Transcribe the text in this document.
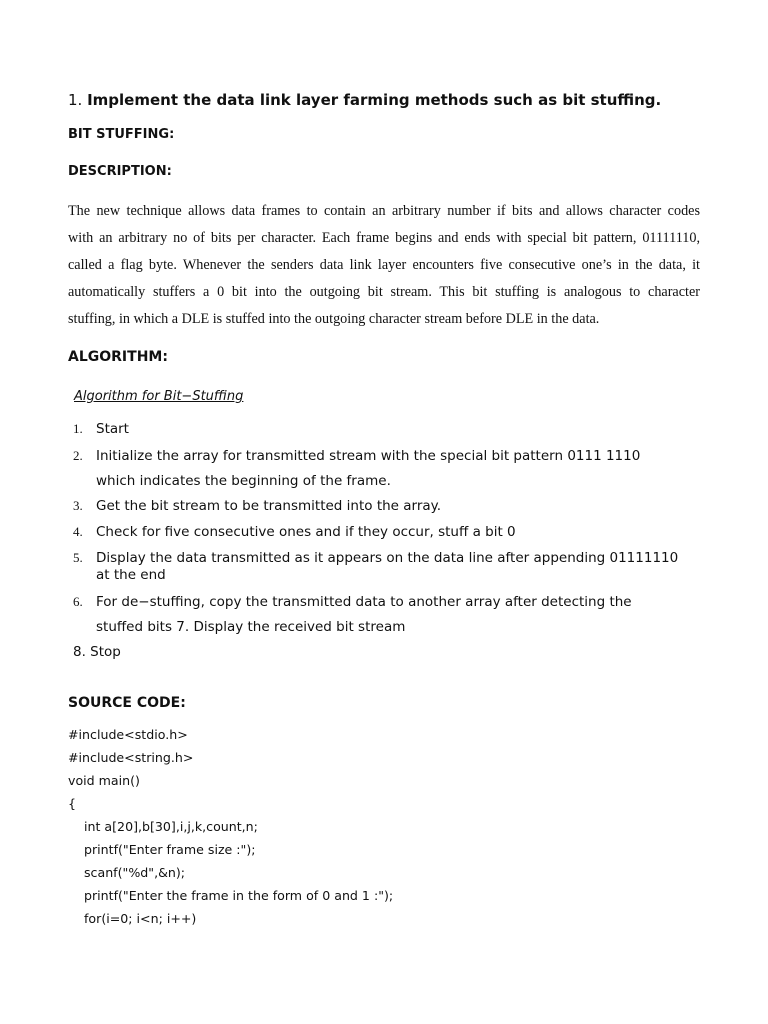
1. Implement the data link layer farming methods such as bit stuffing.
BIT STUFFING:
DESCRIPTION:
The new technique allows data frames to contain an arbitrary number if bits and allows character codes
with an arbitrary no of bits per character. Each frame begins and ends with special bit pattern, 01111110,
called a flag byte. Whenever the senders data link layer encounters five consecutive one’s in the data, it
automatically stuffers a 0 bit into the outgoing bit stream. This bit stuffing is analogous to character
stuffing, in which a DLE is stuffed into the outgoing character stream before DLE in the data.
ALGORITHM:
Algorithm for Bit−Stuffing
1. Start
2. Initialize the array for transmitted stream with the special bit pattern 0111 1110
which indicates the beginning of the frame.
3. Get the bit stream to be transmitted into the array.
4. Check for five consecutive ones and if they occur, stuff a bit 0
5. Display the data transmitted as it appears on the data line after appending 01111110
at the end
6. For de−stuffing, copy the transmitted data to another array after detecting the
stuffed bits 7. Display the received bit stream
8. Stop
SOURCE CODE:
#include<stdio.h>
#include<string.h>
void main()
{
int a[20],b[30],i,j,k,count,n;
printf("Enter frame size :");
scanf("%d",&n);
printf("Enter the frame in the form of 0 and 1 :");
for(i=0; i<n; i++)
